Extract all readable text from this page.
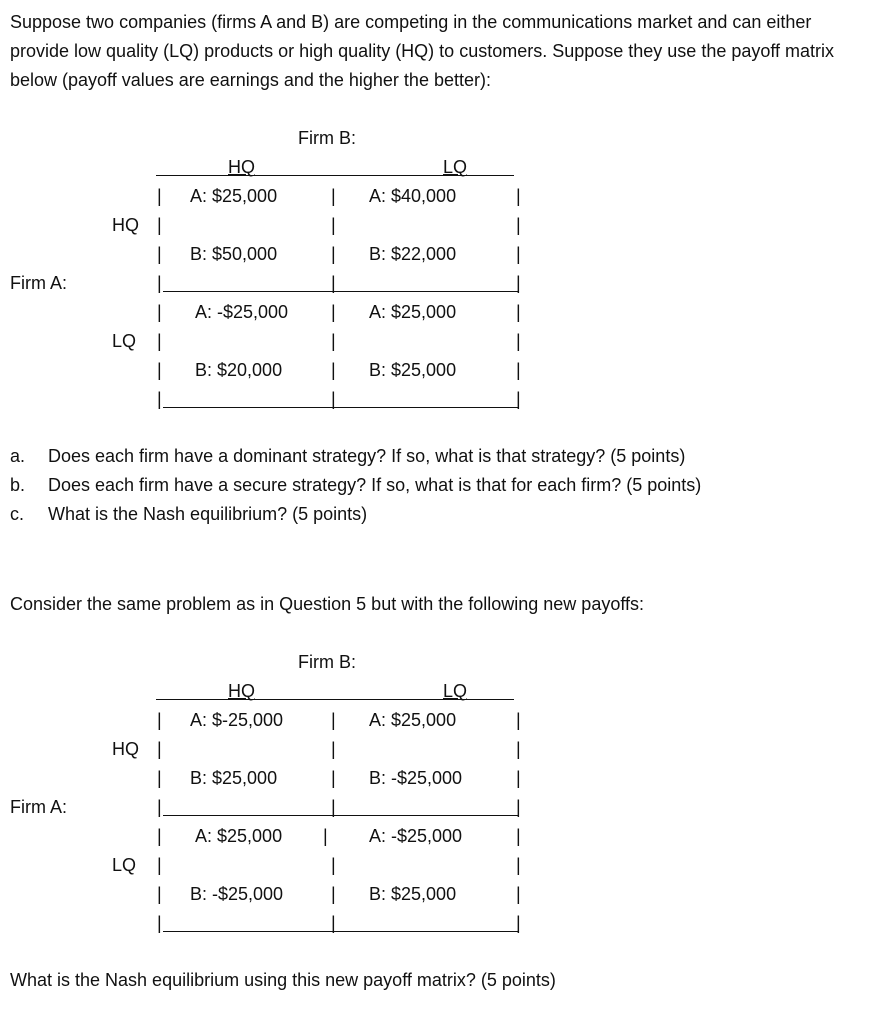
Suppose two companies (firms A and B) are competing in the communications market and can either provide low quality (LQ) products or high quality (HQ) to customers. Suppose they use the payoff matrix below (payoff values are earnings and the higher the better):
Firm B:
Firm A:
HQ	LQ
HQ
LQ
A: $25,000
B: $50,000
A: $40,000
B: $22,000
A: -$25,000
B: $20,000
A: $25,000
B: $25,000
|
|
|
|
|
|
|
|
|
|
|
|
|
|
|
|
|
|
|
|
|
|
|
|
a. Does each firm have a dominant strategy? If so, what is that strategy? (5 points)
b. Does each firm have a secure strategy? If so, what is that for each firm? (5 points)
c. What is the Nash equilibrium? (5 points)
Consider the same problem as in Question 5 but with the following new payoffs:
Firm B:
Firm A:
HQ	LQ
HQ
LQ
A: $-25,000
B: $25,000
A: $25,000
B: -$25,000
A: $25,000
B: -$25,000
A: -$25,000
B: $25,000
|
|
|
|
|
|
|
|
|
|
|
|
|
|
|
|
|
|
|
|
|
|
|
|
What is the Nash equilibrium using this new payoff matrix? (5 points)
